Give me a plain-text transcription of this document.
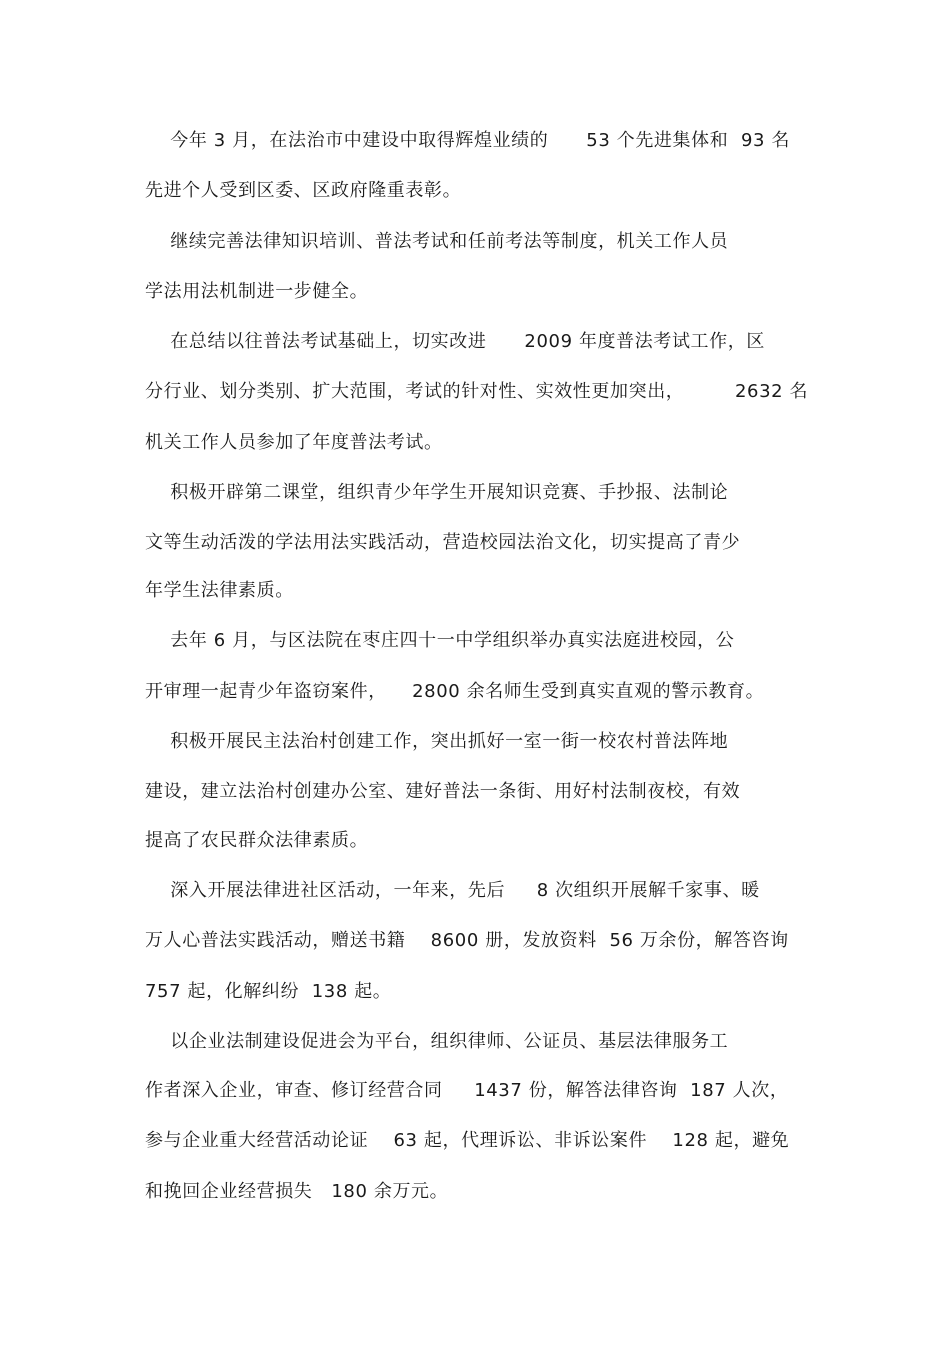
今年 3 月，在法治市中建设中取得辉煌业绩的      53 个先进集体和  93 名
先进个人受到区委、区政府隆重表彰。
继续完善法律知识培训、普法考试和任前考法等制度，机关工作人员
学法用法机制进一步健全。
在总结以往普法考试基础上，切实改进      2009 年度普法考试工作，区
分行业、划分类别、扩大范围，考试的针对性、实效性更加突出，        2632 名
机关工作人员参加了年度普法考试。
积极开辟第二课堂，组织青少年学生开展知识竞赛、手抄报、法制论
文等生动活泼的学法用法实践活动，营造校园法治文化，切实提高了青少
年学生法律素质。
去年 6 月，与区法院在枣庄四十一中学组织举办真实法庭进校园，公
开审理一起青少年盗窃案件，    2800 余名师生受到真实直观的警示教育。
积极开展民主法治村创建工作，突出抓好一室一街一校农村普法阵地
建设，建立法治村创建办公室、建好普法一条街、用好村法制夜校，有效
提高了农民群众法律素质。
深入开展法律进社区活动，一年来，先后     8 次组织开展解千家事、暖
万人心普法实践活动，赠送书籍    8600 册，发放资料  56 万余份，解答咨询
757 起，化解纠纷  138 起。
以企业法制建设促进会为平台，组织律师、公证员、基层法律服务工
作者深入企业，审查、修订经营合同     1437 份，解答法律咨询  187 人次，
参与企业重大经营活动论证    63 起，代理诉讼、非诉讼案件    128 起，避免
和挽回企业经营损失   180 余万元。
